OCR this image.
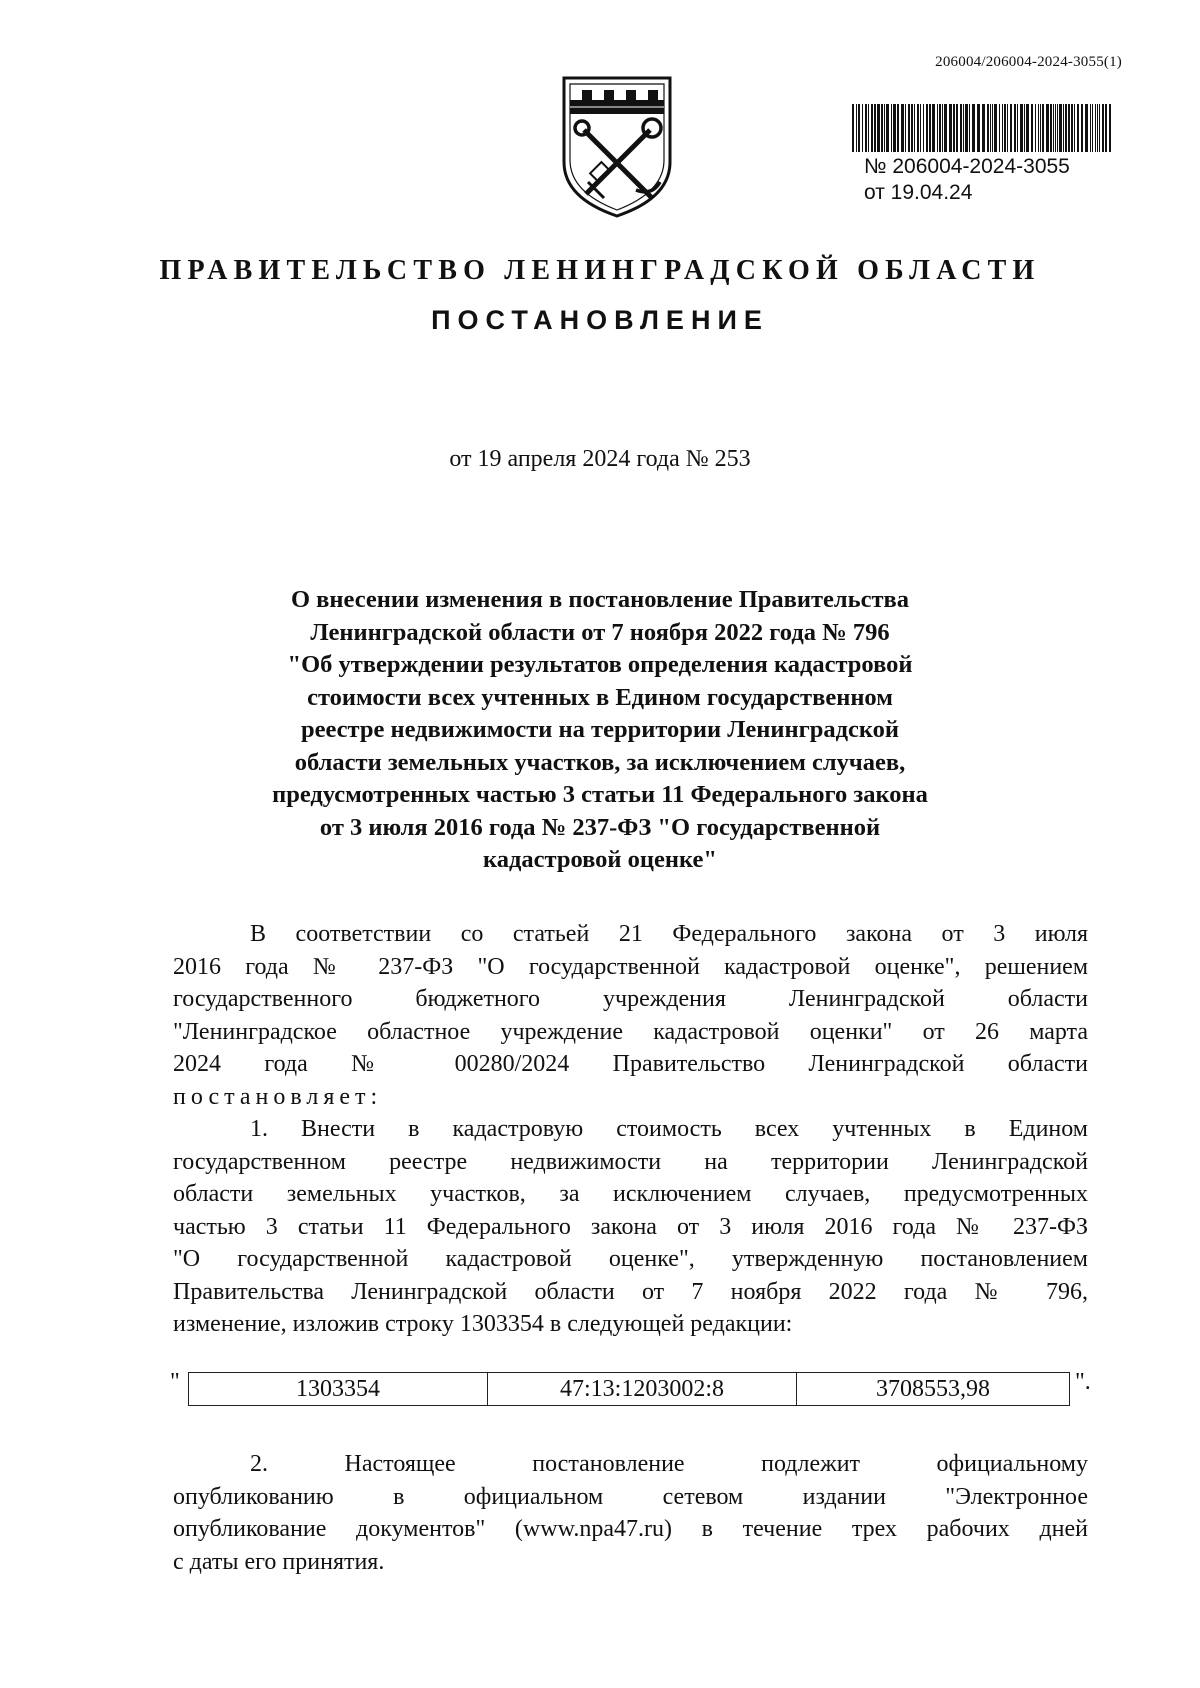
206004/206004-2024-3055(1)
№ 206004-2024-3055
от 19.04.24
ПРАВИТЕЛЬСТВО ЛЕНИНГРАДСКОЙ ОБЛАСТИ
ПОСТАНОВЛЕНИЕ
от 19 апреля 2024 года № 253
О внесении изменения в постановление Правительства
Ленинградской области от 7 ноября 2022 года № 796
"Об утверждении результатов определения кадастровой
стоимости всех учтенных в Едином государственном
реестре недвижимости на территории Ленинградской
области земельных участков, за исключением случаев,
предусмотренных частью 3 статьи 11 Федерального закона
от 3 июля 2016 года № 237-ФЗ "О государственной
кадастровой оценке"
В соответствии со статьей 21 Федерального закона от 3 июля
2016 года № 237-ФЗ "О государственной кадастровой оценке", решением
государственного бюджетного учреждения Ленинградской области
"Ленинградское областное учреждение кадастровой оценки" от 26 марта
2024 года № 00280/2024 Правительство Ленинградской области
постановляет:
1. Внести в кадастровую стоимость всех учтенных в Едином
государственном реестре недвижимости на территории Ленинградской
области земельных участков, за исключением случаев, предусмотренных
частью 3 статьи 11 Федерального закона от 3 июля 2016 года № 237-ФЗ
"О государственной кадастровой оценке", утвержденную постановлением
Правительства Ленинградской области от 7 ноября 2022 года № 796,
изменение, изложив строку 1303354 в следующей редакции:
"	1303354	47:13:1203002:8	3708553,98	".
2. Настоящее постановление подлежит официальному
опубликованию в официальном сетевом издании "Электронное
опубликование документов" (www.npa47.ru) в течение трех рабочих дней
с даты его принятия.
